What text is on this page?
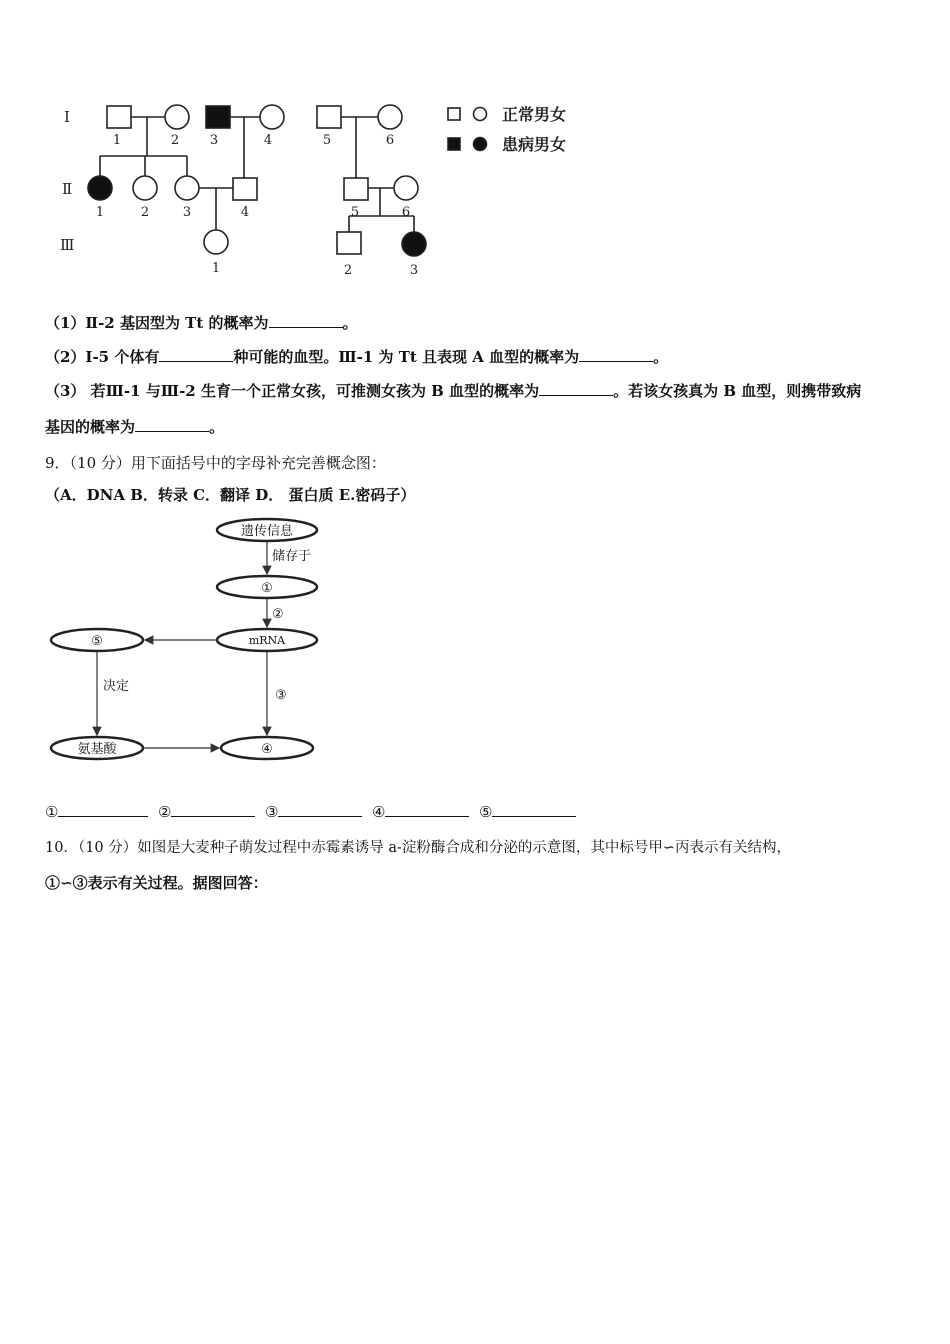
Ⅰ
Ⅱ
Ⅲ
1	2 3	4	5	6
1	2	3	4	5	6
1	2	3
正常男女
患病男女
（1）Ⅱ-2 基因型为 Tt 的概率为	。
（2）Ⅰ-5 个体有	种可能的血型。Ⅲ-1 为 Tt 且表现 A 血型的概率为	。
（3） 若Ⅲ-1 与Ⅲ-2 生育一个正常女孩，可推测女孩为 B 血型的概率为	。若该女孩真为 B 血型，则携带致病
基因的概率为	。
9．（10 分）用下面括号中的字母补充完善概念图：
（A．DNA B．转录 C．翻译 D． 蛋白质 E.密码子）
遗传信息
①
mRNA
⑤
氨基酸	④
储存于
②
③
决定
①	②	③	④	⑤
10．（10 分）如图是大麦种子萌发过程中赤霉素诱导 a-淀粉酶合成和分泌的示意图，其中标号甲∽丙表示有关结构，
①∽③表示有关过程。据图回答：
